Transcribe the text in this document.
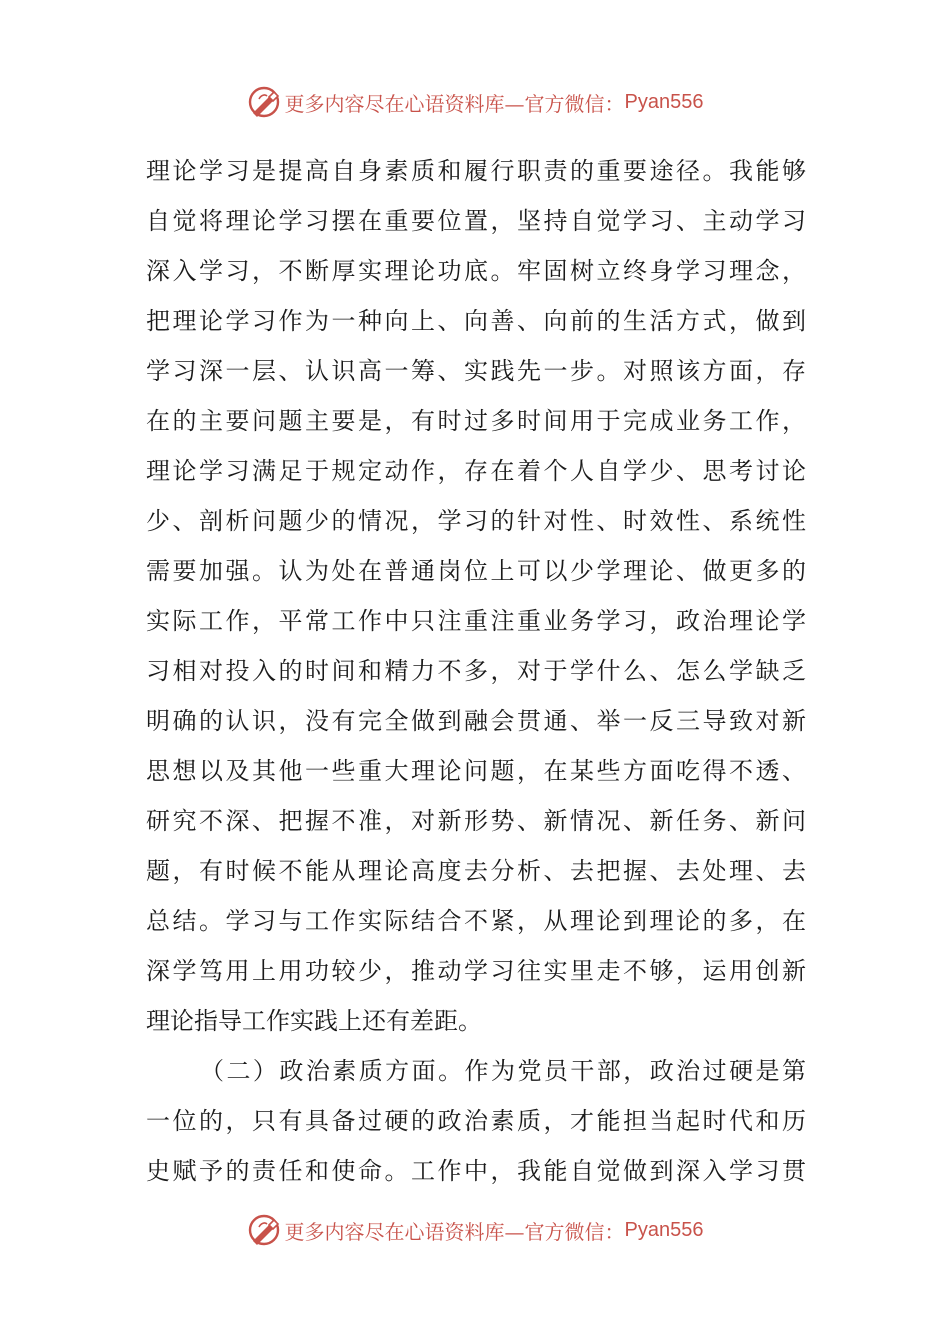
更多内容尽在心语资料库— 官方微信： Pyan556
理论学习是提高自身素质和履行职责的重要途径。我能够
自觉将理论学习摆在重要位置，坚持自觉学习、主动学习
深入学习，不断厚实理论功底。牢固树立终身学习理念，
把理论学习作为一种向上、向善、向前的生活方式，做到
学习深一层、认识高一筹、实践先一步。对照该方面，存
在的主要问题主要是，有时过多时间用于完成业务工作，
理论学习满足于规定动作，存在着个人自学少、思考讨论
少、剖析问题少的情况，学习的针对性、时效性、系统性
需要加强。认为处在普通岗位上可以少学理论、做更多的
实际工作，平常工作中只注重注重业务学习，政治理论学
习相对投入的时间和精力不多，对于学什么、怎么学缺乏
明确的认识，没有完全做到融会贯通、举一反三导致对新
思想以及其他一些重大理论问题，在某些方面吃得不透、
研究不深、把握不准，对新形势、新情况、新任务、新问
题，有时候不能从理论高度去分析、去把握、去处理、去
总结。学习与工作实际结合不紧，从理论到理论的多，在
深学笃用上用功较少，推动学习往实里走不够，运用创新
理论指导工作实践上还有差距。
（二）政治素质方面。作为党员干部，政治过硬是第
一位的，只有具备过硬的政治素质，才能担当起时代和历
史赋予的责任和使命。工作中，我能自觉做到深入学习贯
更多内容尽在心语资料库— 官方微信： Pyan556
